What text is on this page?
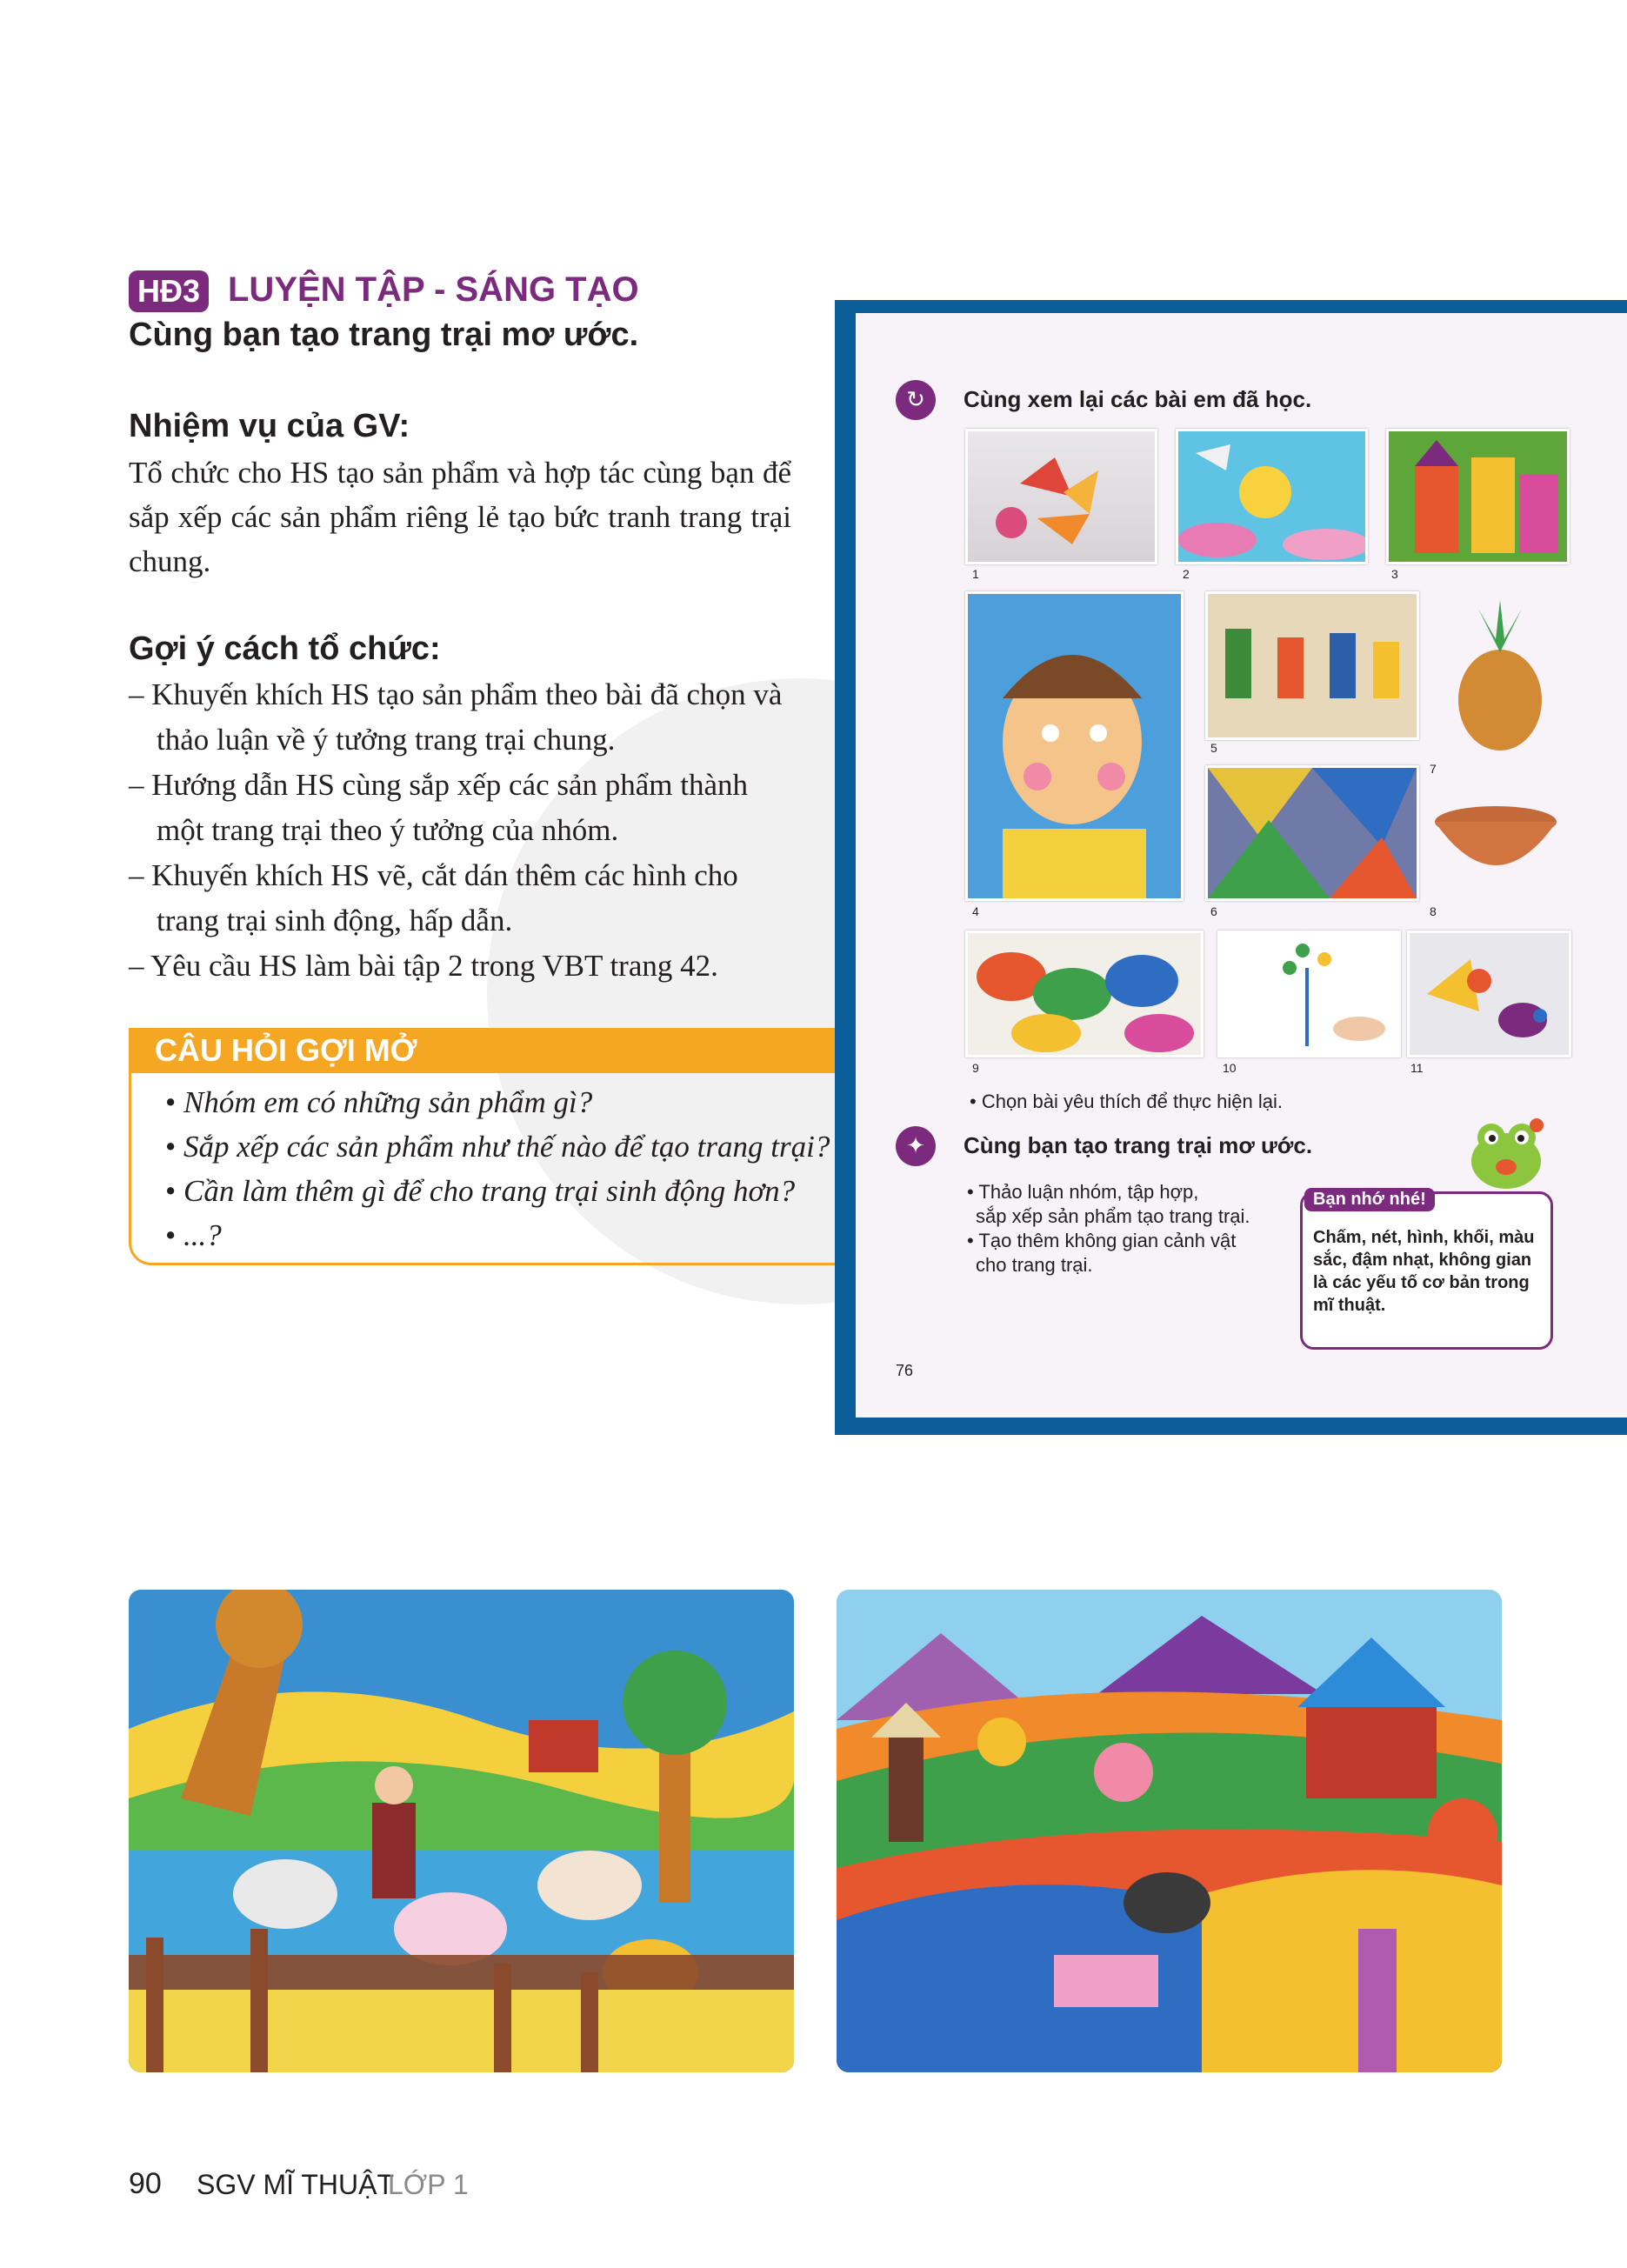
HĐ3 LUYỆN TẬP - SÁNG TẠO
Cùng bạn tạo trang trại mơ ước.
Nhiệm vụ của GV:
Tổ chức cho HS tạo sản phẩm và hợp tác cùng bạn để sắp xếp các sản phẩm riêng lẻ tạo bức tranh trang trại chung.
Gợi ý cách tổ chức:
– Khuyến khích HS tạo sản phẩm theo bài đã chọn và thảo luận về ý tưởng trang trại chung.
– Hướng dẫn HS cùng sắp xếp các sản phẩm thành một trang trại theo ý tưởng của nhóm.
– Khuyến khích HS vẽ, cắt dán thêm các hình cho trang trại sinh động, hấp dẫn.
– Yêu cầu HS làm bài tập 2 trong VBT trang 42.
CÂU HỎI GỢI MỞ
• Nhóm em có những sản phẩm gì?
• Sắp xếp các sản phẩm như thế nào để tạo trang trại?
• Cần làm thêm gì để cho trang trại sinh động hơn?
• ...?
↻	Cùng xem lại các bài em đã học.
1	2	3
4
5
7
6	8
9	10	11
• Chọn bài yêu thích để thực hiện lại.
✦	Cùng bạn tạo trang trại mơ ước.
• Thảo luận nhóm, tập hợp,
sắp xếp sản phẩm tạo trang trại.
• Tạo thêm không gian cảnh vật
cho trang trại.
Bạn nhớ nhé!
Chấm, nét, hình, khối, màu sắc, đậm nhạt, không gian là các yếu tố cơ bản trong mĩ thuật.
76
90 SGV MĨ THUẬT
LỚP 1
